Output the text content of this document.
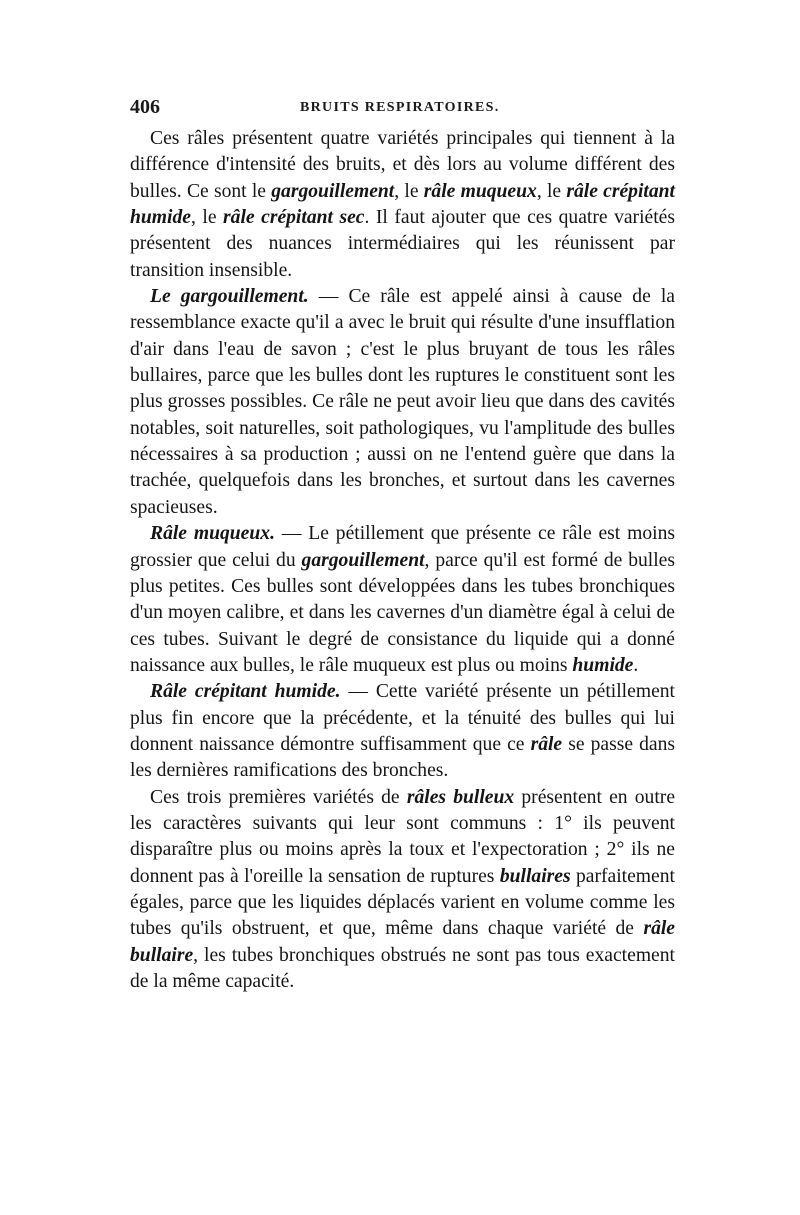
406	BRUITS RESPIRATOIRES.

Ces râles présentent quatre variétés principales qui tiennent à la différence d'intensité des bruits, et dès lors au volume différent des bulles. Ce sont le gargouillement, le râle muqueux, le râle crépitant humide, le râle crépitant sec. Il faut ajouter que ces quatre variétés présentent des nuances intermédiaires qui les réunissent par transition insensible.

Le gargouillement. — Ce râle est appelé ainsi à cause de la ressemblance exacte qu'il a avec le bruit qui résulte d'une insufflation d'air dans l'eau de savon ; c'est le plus bruyant de tous les râles bullaires, parce que les bulles dont les ruptures le constituent sont les plus grosses possibles. Ce râle ne peut avoir lieu que dans des cavités notables, soit naturelles, soit pathologiques, vu l'amplitude des bulles nécessaires à sa production ; aussi on ne l'entend guère que dans la trachée, quelquefois dans les bronches, et surtout dans les cavernes spacieuses.

Râle muqueux. — Le pétillement que présente ce râle est moins grossier que celui du gargouillement, parce qu'il est formé de bulles plus petites. Ces bulles sont développées dans les tubes bronchiques d'un moyen calibre, et dans les cavernes d'un diamètre égal à celui de ces tubes. Suivant le degré de consistance du liquide qui a donné naissance aux bulles, le râle muqueux est plus ou moins humide.

Râle crépitant humide. — Cette variété présente un pétillement plus fin encore que la précédente, et la ténuité des bulles qui lui donnent naissance démontre suffisamment que ce râle se passe dans les dernières ramifications des bronches.

Ces trois premières variétés de râles bulleux présentent en outre les caractères suivants qui leur sont communs : 1° ils peuvent disparaître plus ou moins après la toux et l'expectoration ; 2° ils ne donnent pas à l'oreille la sensation de ruptures bullaires parfaitement égales, parce que les liquides déplacés varient en volume comme les tubes qu'ils obstruent, et que, même dans chaque variété de râle bullaire, les tubes bronchiques obstrués ne sont pas tous exactement de la même capacité.
